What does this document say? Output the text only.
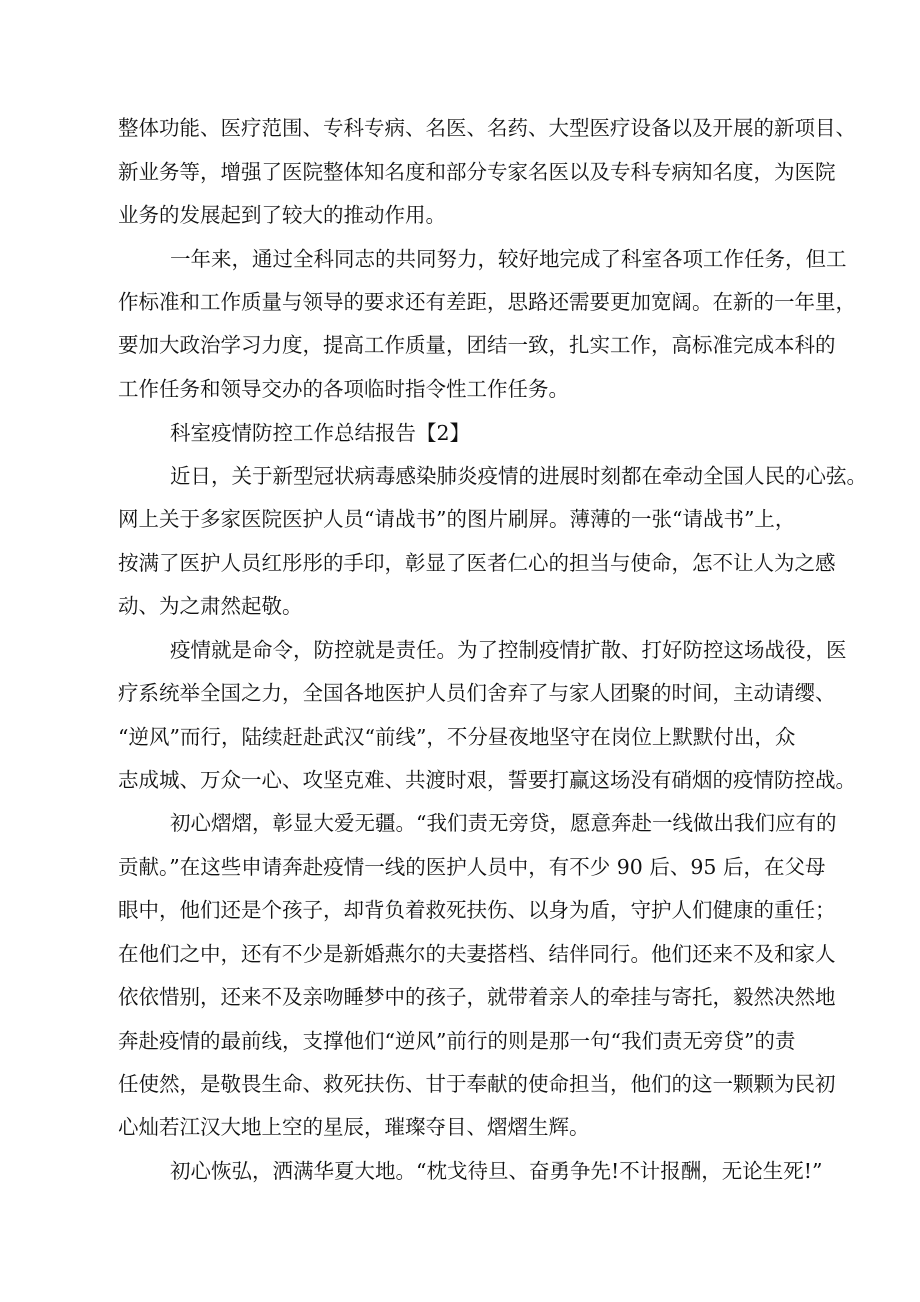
整体功能、医疗范围、专科专病、名医、名药、大型医疗设备以及开展的新项目、
新业务等，增强了医院整体知名度和部分专家名医以及专科专病知名度，为医院
业务的发展起到了较大的推动作用。
一年来，通过全科同志的共同努力，较好地完成了科室各项工作任务，但工
作标准和工作质量与领导的要求还有差距，思路还需要更加宽阔。在新的一年里，
要加大政治学习力度，提高工作质量，团结一致，扎实工作，高标准完成本科的
工作任务和领导交办的各项临时指令性工作任务。
科室疫情防控工作总结报告【2】
近日，关于新型冠状病毒感染肺炎疫情的进展时刻都在牵动全国人民的心弦。
网上关于多家医院医护人员“请战书”的图片刷屏。薄薄的一张“请战书”上，
按满了医护人员红彤彤的手印，彰显了医者仁心的担当与使命，怎不让人为之感
动、为之肃然起敬。
疫情就是命令，防控就是责任。为了控制疫情扩散、打好防控这场战役，医
疗系统举全国之力，全国各地医护人员们舍弃了与家人团聚的时间，主动请缨、
“逆风”而行，陆续赶赴武汉“前线”，不分昼夜地坚守在岗位上默默付出，众
志成城、万众一心、攻坚克难、共渡时艰，誓要打赢这场没有硝烟的疫情防控战。
初心熠熠，彰显大爱无疆。“我们责无旁贷，愿意奔赴一线做出我们应有的
贡献。”在这些申请奔赴疫情一线的医护人员中，有不少 90 后、95 后，在父母
眼中，他们还是个孩子，却背负着救死扶伤、以身为盾，守护人们健康的重任；
在他们之中，还有不少是新婚燕尔的夫妻搭档、结伴同行。他们还来不及和家人
依依惜别，还来不及亲吻睡梦中的孩子，就带着亲人的牵挂与寄托，毅然决然地
奔赴疫情的最前线，支撑他们“逆风”前行的则是那一句“我们责无旁贷”的责
任使然，是敬畏生命、救死扶伤、甘于奉献的使命担当，他们的这一颗颗为民初
心灿若江汉大地上空的星辰，璀璨夺目、熠熠生辉。
初心恢弘，洒满华夏大地。“枕戈待旦、奋勇争先!不计报酬，无论生死!”
